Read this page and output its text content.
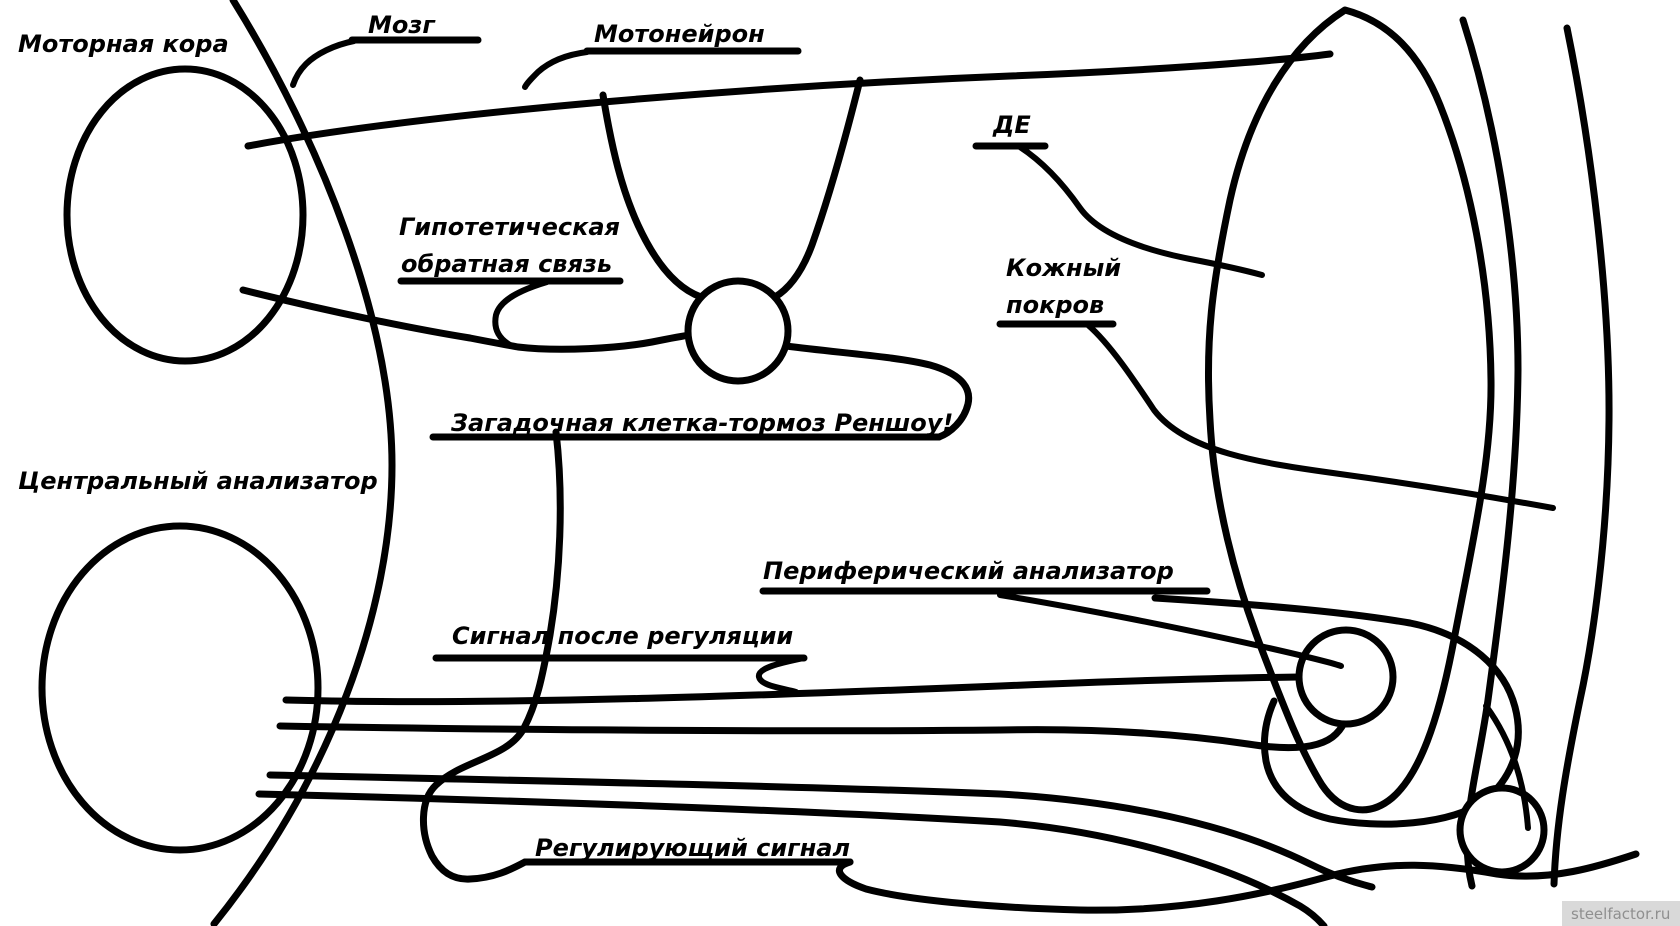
Моторная кора
Мозг	Мотонейрон
ДЕ
Гипотетическая
обратная связь	Кожный
покров
Загадочная клетка-тормоз Реншоу!
Центральный анализатор
Периферический анализатор
Сигнал после регуляции
Регулирующий сигнал
steelfactor.ru
